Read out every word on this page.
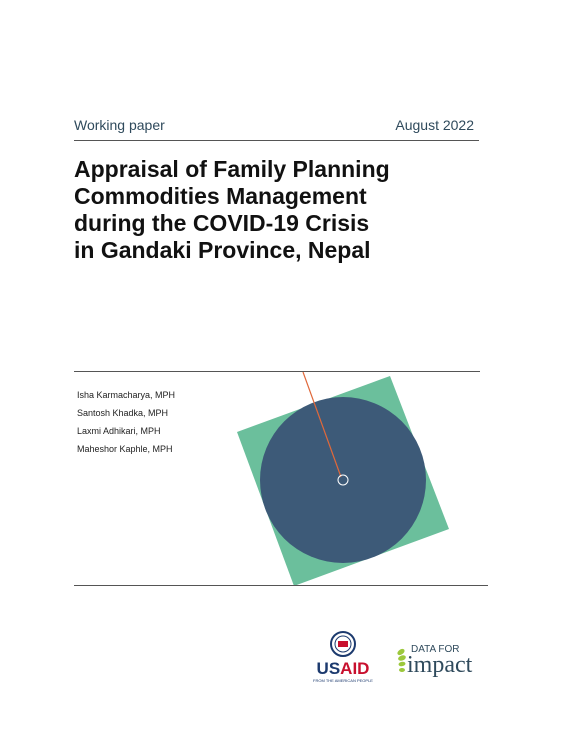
Working paper	August 2022
Appraisal of Family Planning
Commodities Management
during the COVID-19 Crisis
in Gandaki Province, Nepal
Isha Karmacharya, MPH
Santosh Khadka, MPH
Laxmi Adhikari, MPH
Maheshor Kaphle, MPH
USAID
FROM THE AMERICAN PEOPLE
DATA FOR
impact
